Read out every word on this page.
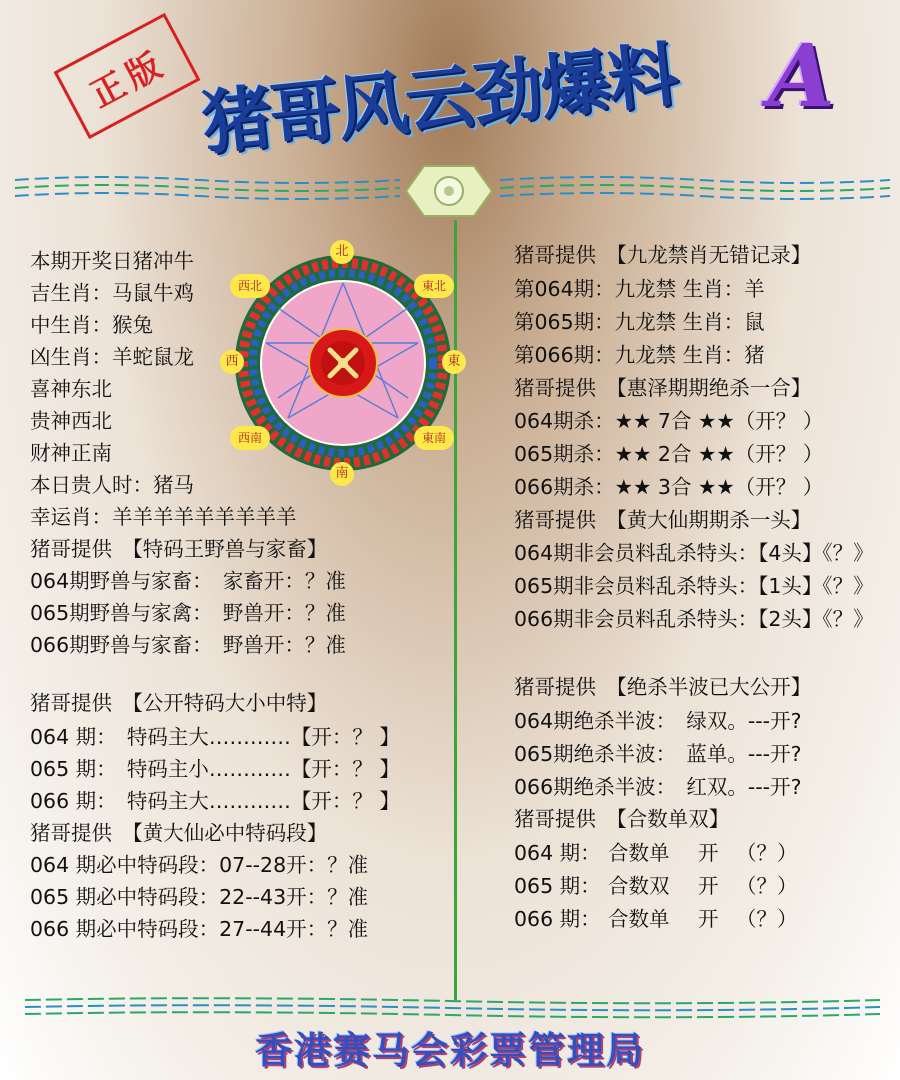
正版 猪哥风云劲爆料 A
北
南
東
西
東北
西北
東南
西南
本期开奖日猪冲牛
吉生肖：马鼠牛鸡
中生肖：猴兔
凶生肖：羊蛇鼠龙
喜神东北
贵神西北
财神正南
本日贵人时：猪马
幸运肖：羊羊羊羊羊羊羊羊羊
猪哥提供　【特码王野兽与家畜】
064期野兽与家畜：　家畜开：？准
065期野兽与家禽：　野兽开：？准
066期野兽与家畜：　野兽开：？准
猪哥提供　【公开特码大小中特】
064 期：　特码主大…………【开：？ 】
065 期：　特码主小…………【开：？ 】
066 期：　特码主大…………【开：？ 】
猪哥提供　【黄大仙必中特码段】
064 期必中特码段：07--28开：？准
065 期必中特码段：22--43开：？准
066 期必中特码段：27--44开：？准
猪哥提供　【九龙禁肖无错记录】
第064期：九龙禁 生肖：羊
第065期：九龙禁 生肖：鼠
第066期：九龙禁 生肖：猪
猪哥提供　【惠泽期期绝杀一合】
064期杀：★★ 7合 ★★（开？ ）
065期杀：★★ 2合 ★★（开？ ）
066期杀：★★ 3合 ★★（开？ ）
猪哥提供　【黄大仙期期杀一头】
064期非会员料乱杀特头：【4头】《？》
065期非会员料乱杀特头：【1头】《？》
066期非会员料乱杀特头：【2头】《？》
猪哥提供　【绝杀半波已大公开】
064期绝杀半波：　绿双。---开?
065期绝杀半波：　蓝单。---开?
066期绝杀半波：　红双。---开?
猪哥提供　【合数单双】
064 期： 合数单 开 （？）
065 期： 合数双 开 （？）
066 期： 合数单 开 （？）
香港赛马会彩票管理局
